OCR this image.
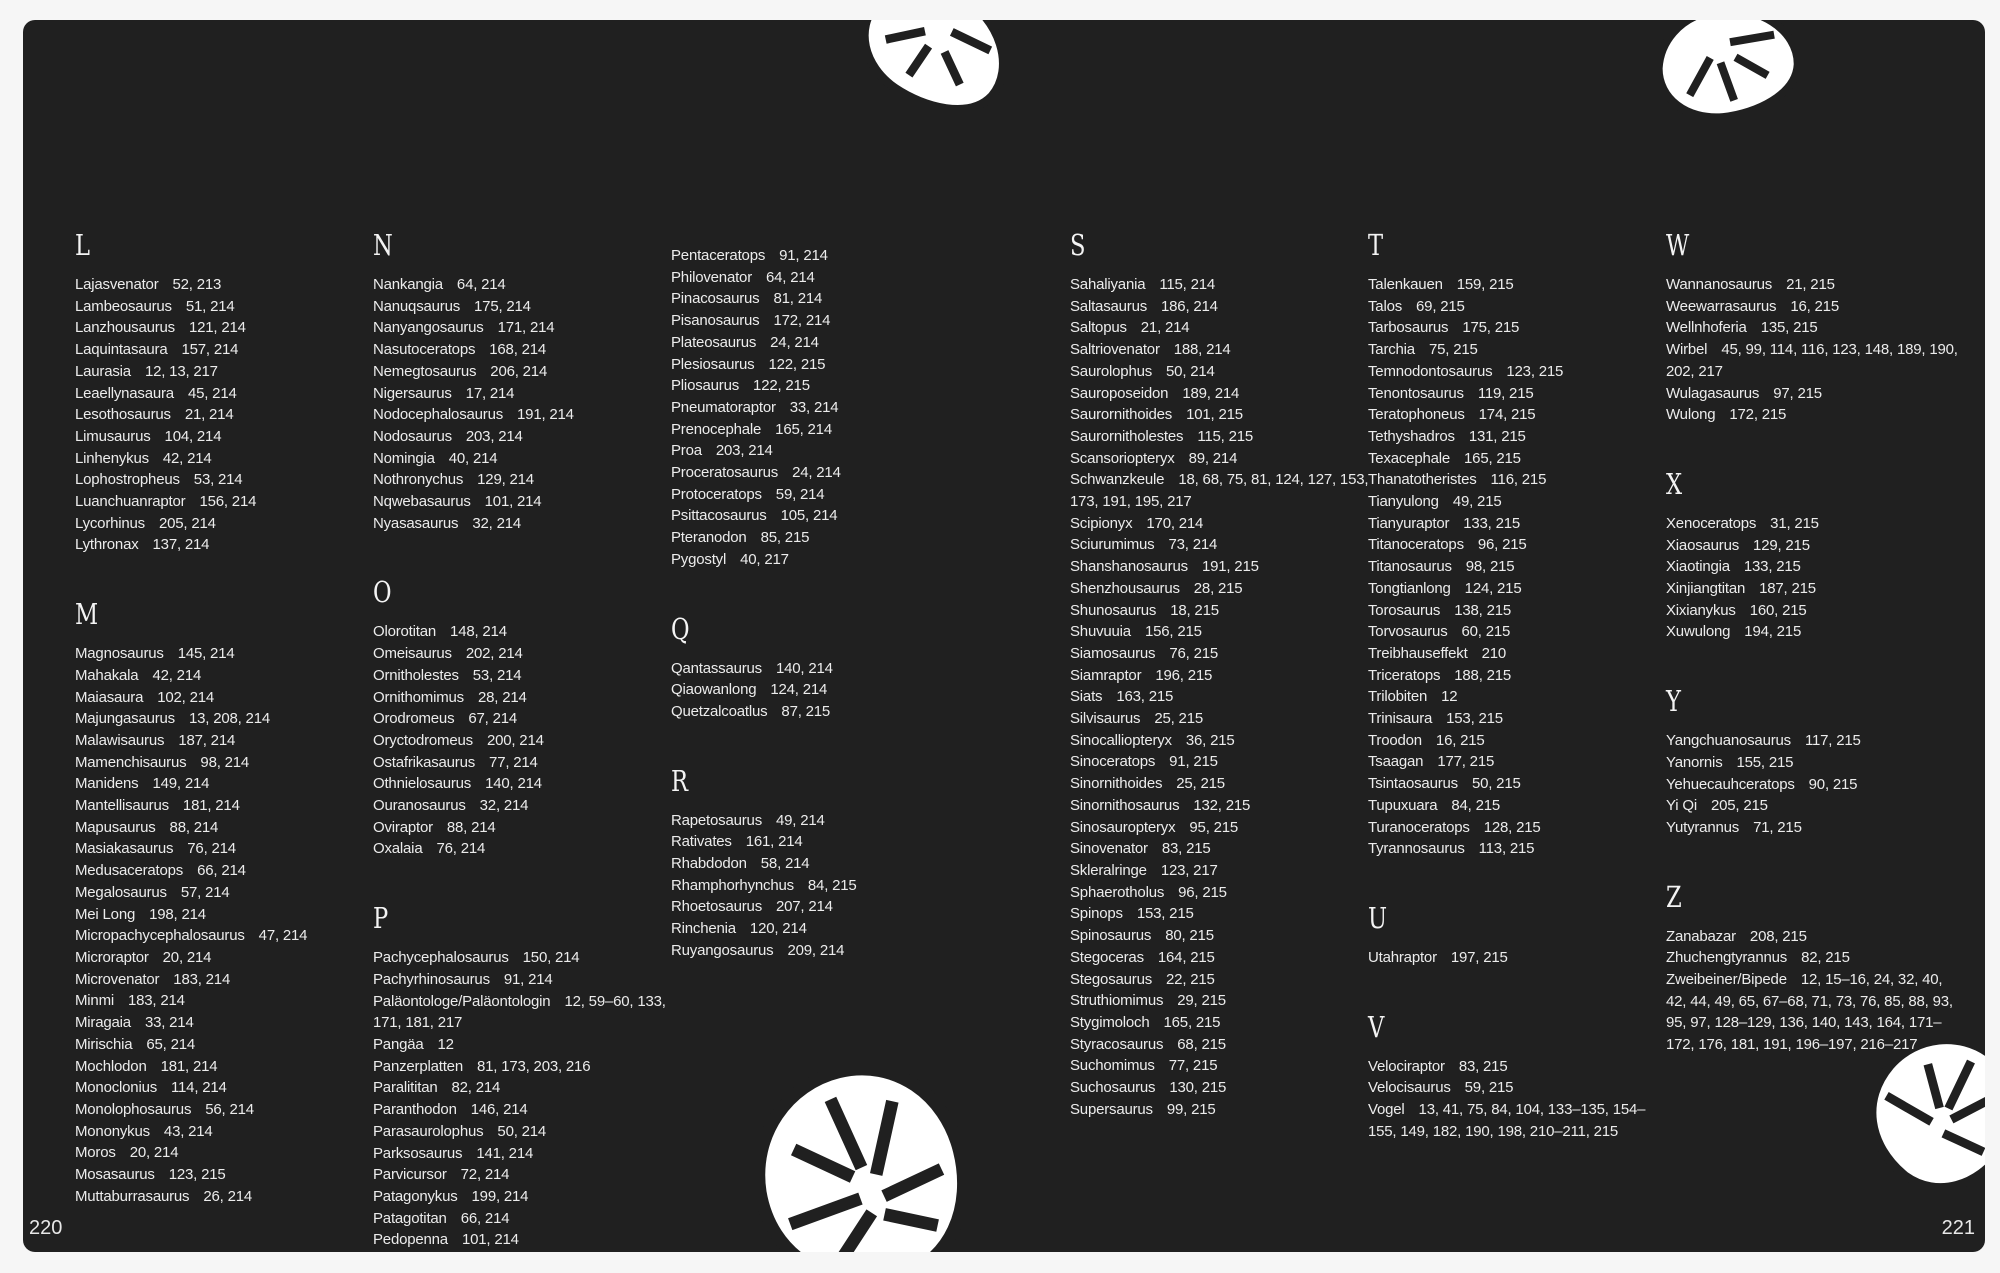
L
Lajasvenator 52, 213
Lambeosaurus 51, 214
Lanzhousaurus 121, 214
Laquintasaura 157, 214
Laurasia 12, 13, 217
Leaellynasaura 45, 214
Lesothosaurus 21, 214
Limusaurus 104, 214
Linhenykus 42, 214
Lophostropheus 53, 214
Luanchuanraptor 156, 214
Lycorhinus 205, 214
Lythronax 137, 214
M
Magnosaurus 145, 214
Mahakala 42, 214
Maiasaura 102, 214
Majungasaurus 13, 208, 214
Malawisaurus 187, 214
Mamenchisaurus 98, 214
Manidens 149, 214
Mantellisaurus 181, 214
Mapusaurus 88, 214
Masiakasaurus 76, 214
Medusaceratops 66, 214
Megalosaurus 57, 214
Mei Long 198, 214
Micropachycephalosaurus 47, 214
Microraptor 20, 214
Microvenator 183, 214
Minmi 183, 214
Miragaia 33, 214
Mirischia 65, 214
Mochlodon 181, 214
Monoclonius 114, 214
Monolophosaurus 56, 214
Mononykus 43, 214
Moros 20, 214
Mosasaurus 123, 215
Muttaburrasaurus 26, 214
N
Nankangia 64, 214
Nanuqsaurus 175, 214
Nanyangosaurus 171, 214
Nasutoceratops 168, 214
Nemegtosaurus 206, 214
Nigersaurus 17, 214
Nodocephalosaurus 191, 214
Nodosaurus 203, 214
Nomingia 40, 214
Nothronychus 129, 214
Nqwebasaurus 101, 214
Nyasasaurus 32, 214
O
Olorotitan 148, 214
Omeisaurus 202, 214
Ornitholestes 53, 214
Ornithomimus 28, 214
Orodromeus 67, 214
Oryctodromeus 200, 214
Ostafrikasaurus 77, 214
Othnielosaurus 140, 214
Ouranosaurus 32, 214
Oviraptor 88, 214
Oxalaia 76, 214
P
Pachycephalosaurus 150, 214
Pachyrhinosaurus 91, 214
Paläontologe/Paläontologin 12, 59–60, 133, 171, 181, 217
Pangäa 12
Panzerplatten 81, 173, 203, 216
Paralititan 82, 214
Paranthodon 146, 214
Parasaurolophus 50, 214
Parksosaurus 141, 214
Parvicursor 72, 214
Patagonykus 199, 214
Patagotitan 66, 214
Pedopenna 101, 214
Pentaceratops 91, 214
Philovenator 64, 214
Pinacosaurus 81, 214
Pisanosaurus 172, 214
Plateosaurus 24, 214
Plesiosaurus 122, 215
Pliosaurus 122, 215
Pneumatoraptor 33, 214
Prenocephale 165, 214
Proa 203, 214
Proceratosaurus 24, 214
Protoceratops 59, 214
Psittacosaurus 105, 214
Pteranodon 85, 215
Pygostyl 40, 217
Q
Qantassaurus 140, 214
Qiaowanlong 124, 214
Quetzalcoatlus 87, 215
R
Rapetosaurus 49, 214
Rativates 161, 214
Rhabdodon 58, 214
Rhamphorhynchus 84, 215
Rhoetosaurus 207, 214
Rinchenia 120, 214
Ruyangosaurus 209, 214
S
Sahaliyania 115, 214
Saltasaurus 186, 214
Saltopus 21, 214
Saltriovenator 188, 214
Saurolophus 50, 214
Sauroposeidon 189, 214
Saurornithoides 101, 215
Saurornitholestes 115, 215
Scansoriopteryx 89, 214
Schwanzkeule 18, 68, 75, 81, 124, 127, 153, 173, 191, 195, 217
Scipionyx 170, 214
Sciurumimus 73, 214
Shanshanosaurus 191, 215
Shenzhousaurus 28, 215
Shunosaurus 18, 215
Shuvuuia 156, 215
Siamosaurus 76, 215
Siamraptor 196, 215
Siats 163, 215
Silvisaurus 25, 215
Sinocalliopteryx 36, 215
Sinoceratops 91, 215
Sinornithoides 25, 215
Sinornithosaurus 132, 215
Sinosauropteryx 95, 215
Sinovenator 83, 215
Skleralringe 123, 217
Sphaerotholus 96, 215
Spinops 153, 215
Spinosaurus 80, 215
Stegoceras 164, 215
Stegosaurus 22, 215
Struthiomimus 29, 215
Stygimoloch 165, 215
Styracosaurus 68, 215
Suchomimus 77, 215
Suchosaurus 130, 215
Supersaurus 99, 215
T
Talenkauen 159, 215
Talos 69, 215
Tarbosaurus 175, 215
Tarchia 75, 215
Temnodontosaurus 123, 215
Tenontosaurus 119, 215
Teratophoneus 174, 215
Tethyshadros 131, 215
Texacephale 165, 215
Thanatotheristes 116, 215
Tianyulong 49, 215
Tianyuraptor 133, 215
Titanoceratops 96, 215
Titanosaurus 98, 215
Tongtianlong 124, 215
Torosaurus 138, 215
Torvosaurus 60, 215
Treibhauseffekt 210
Triceratops 188, 215
Trilobiten 12
Trinisaura 153, 215
Troodon 16, 215
Tsaagan 177, 215
Tsintaosaurus 50, 215
Tupuxuara 84, 215
Turanoceratops 128, 215
Tyrannosaurus 113, 215
U
Utahraptor 197, 215
V
Velociraptor 83, 215
Velocisaurus 59, 215
Vogel 13, 41, 75, 84, 104, 133–135, 154–155, 149, 182, 190, 198, 210–211, 215
W
Wannanosaurus 21, 215
Weewarrasaurus 16, 215
Wellnhoferia 135, 215
Wirbel 45, 99, 114, 116, 123, 148, 189, 190, 202, 217
Wulagasaurus 97, 215
Wulong 172, 215
X
Xenoceratops 31, 215
Xiaosaurus 129, 215
Xiaotingia 133, 215
Xinjiangtitan 187, 215
Xixianykus 160, 215
Xuwulong 194, 215
Y
Yangchuanosaurus 117, 215
Yanornis 155, 215
Yehuecauhceratops 90, 215
Yi Qi 205, 215
Yutyrannus 71, 215
Z
Zanabazar 208, 215
Zhuchengtyrannus 82, 215
Zweibeiner/Bipede 12, 15–16, 24, 32, 40, 42, 44, 49, 65, 67–68, 71, 73, 76, 85, 88, 93, 95, 97, 128–129, 136, 140, 143, 164, 171–172, 176, 181, 191, 196–197, 216–217
220	221
